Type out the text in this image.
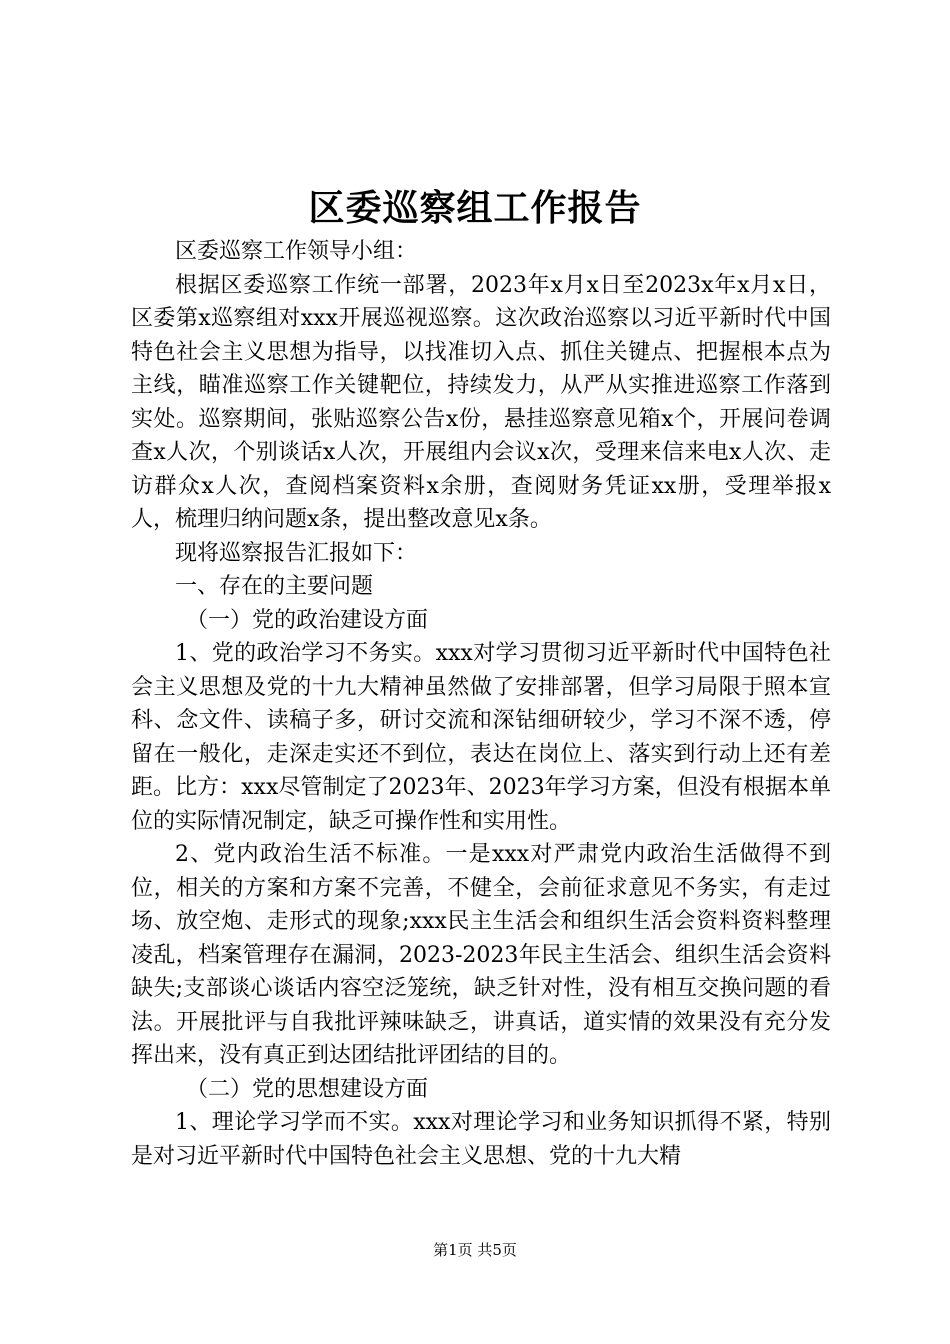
区委巡察组工作报告

区委巡察工作领导小组：

根据区委巡察工作统一部署，2023年x月x日至2023x年x月x日，区委第x巡察组对xxx开展巡视巡察。这次政治巡察以习近平新时代中国特色社会主义思想为指导，以找准切入点、抓住关键点、把握根本点为主线，瞄准巡察工作关键靶位，持续发力，从严从实推进巡察工作落到实处。巡察期间，张贴巡察公告x份，悬挂巡察意见箱x个，开展问卷调查x人次，个别谈话x人次，开展组内会议x次，受理来信来电x人次、走访群众x人次，查阅档案资料x余册，查阅财务凭证xx册，受理举报x人，梳理归纳问题x条，提出整改意见x条。

现将巡察报告汇报如下：

一、存在的主要问题

（一）党的政治建设方面

1、党的政治学习不务实。xxx对学习贯彻习近平新时代中国特色社会主义思想及党的十九大精神虽然做了安排部署，但学习局限于照本宣科、念文件、读稿子多，研讨交流和深钻细研较少，学习不深不透，停留在一般化，走深走实还不到位，表达在岗位上、落实到行动上还有差距。比方：xxx尽管制定了2023年、2023年学习方案，但没有根据本单位的实际情况制定，缺乏可操作性和实用性。

2、党内政治生活不标准。一是xxx对严肃党内政治生活做得不到位，相关的方案和方案不完善，不健全，会前征求意见不务实，有走过场、放空炮、走形式的现象;xxx民主生活会和组织生活会资料资料整理凌乱，档案管理存在漏洞，2023-2023年民主生活会、组织生活会资料缺失;支部谈心谈话内容空泛笼统，缺乏针对性，没有相互交换问题的看法。开展批评与自我批评辣味缺乏，讲真话，道实情的效果没有充分发挥出来，没有真正到达团结批评团结的目的。

（二）党的思想建设方面

1、理论学习学而不实。xxx对理论学习和业务知识抓得不紧，特别是对习近平新时代中国特色社会主义思想、党的十九大精

第1页 共5页
